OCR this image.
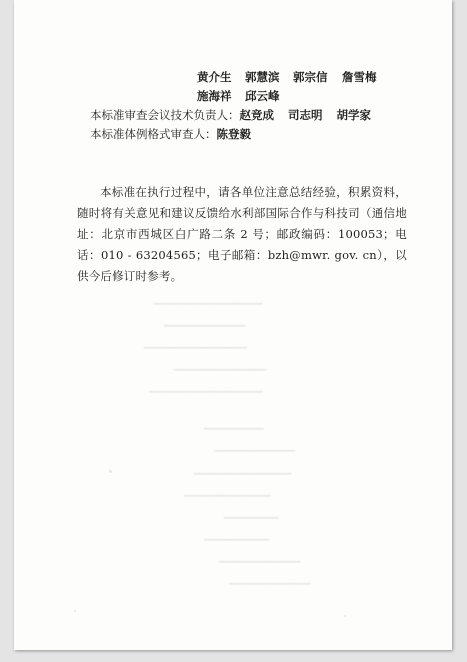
━━━━━━━━━━━━━━━━━━━━
━━━━━━━━━━━━━━━
━━━━━━━━━━━━━━━━━━━
━━━━━━━━━━━━━━━━━
━━━━━━━━━━━━━━━━━━━━━
━━━━━━━━━━━
━━━━━━━━━━━━━━━
━━━━━━━━━━━━━━━━━━
━━━━━━━━━━━━━━━━
━━━━━━━━━━
━━━━━━━━━━━━
━━━━━━━━━━━━━━━
━━━━━━━━━━━━━━━
黄介生 郭慧滨 郭宗信 詹雪梅
施海祥 邱云峰
本标准审查会议技术负责人：赵竞成 司志明 胡学家
本标准体例格式审查人：陈登毅
本标准在执行过程中，请各单位注意总结经验，积累资料，随时将有关意见和建议反馈给水利部国际合作与科技司（通信地址：北京市西城区白广路二条 2 号；邮政编码：100053；电话：010 - 63204565；电子邮箱：bzh@mwr. gov. cn），以供今后修订时参考。
